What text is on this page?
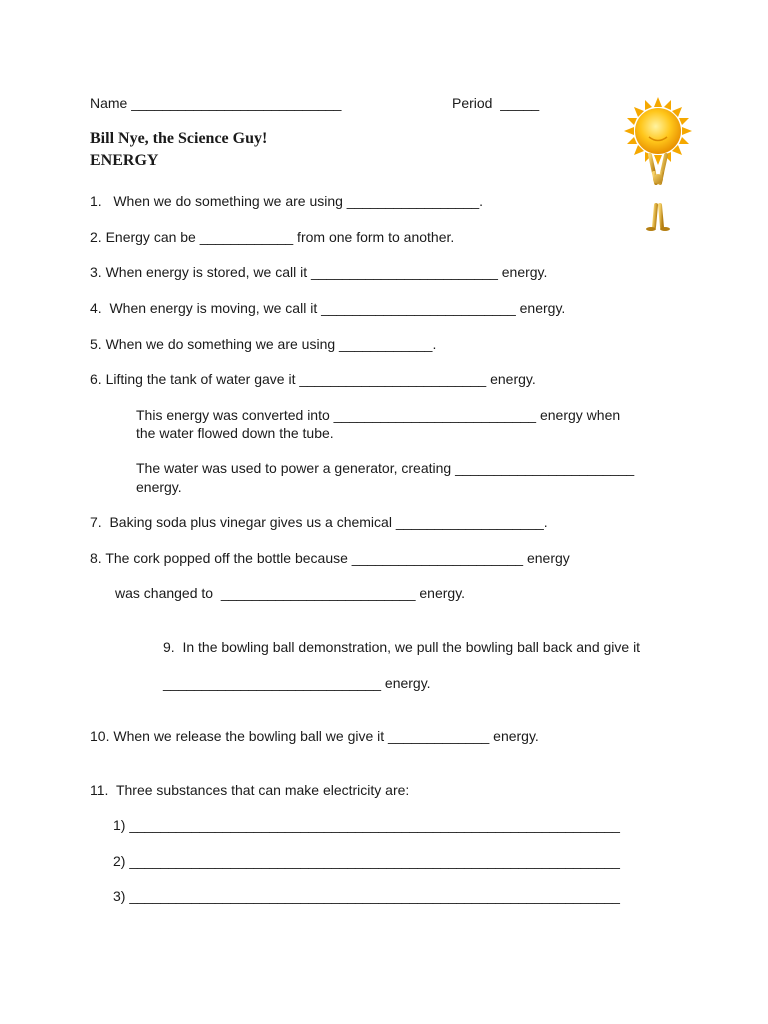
Name ___________________________	Period  _____
Bill Nye, the Science Guy!
ENERGY
1.   When we do something we are using _________________.
2. Energy can be ____________ from one form to another.
3. When energy is stored, we call it ________________________ energy.
4.  When energy is moving, we call it _________________________ energy.
5. When we do something we are using ____________.
6. Lifting the tank of water gave it ________________________ energy.
This energy was converted into __________________________ energy when
the water flowed down the tube.
The water was used to power a generator, creating _______________________
energy.
7.  Baking soda plus vinegar gives us a chemical ___________________.
8. The cork popped off the bottle because ______________________ energy
was changed to  _________________________ energy.
9.  In the bowling ball demonstration, we pull the bowling ball back and give it
____________________________ energy.
10. When we release the bowling ball we give it _____________ energy.
11.  Three substances that can make electricity are:
1) _______________________________________________________________
2) _______________________________________________________________
3) _______________________________________________________________
